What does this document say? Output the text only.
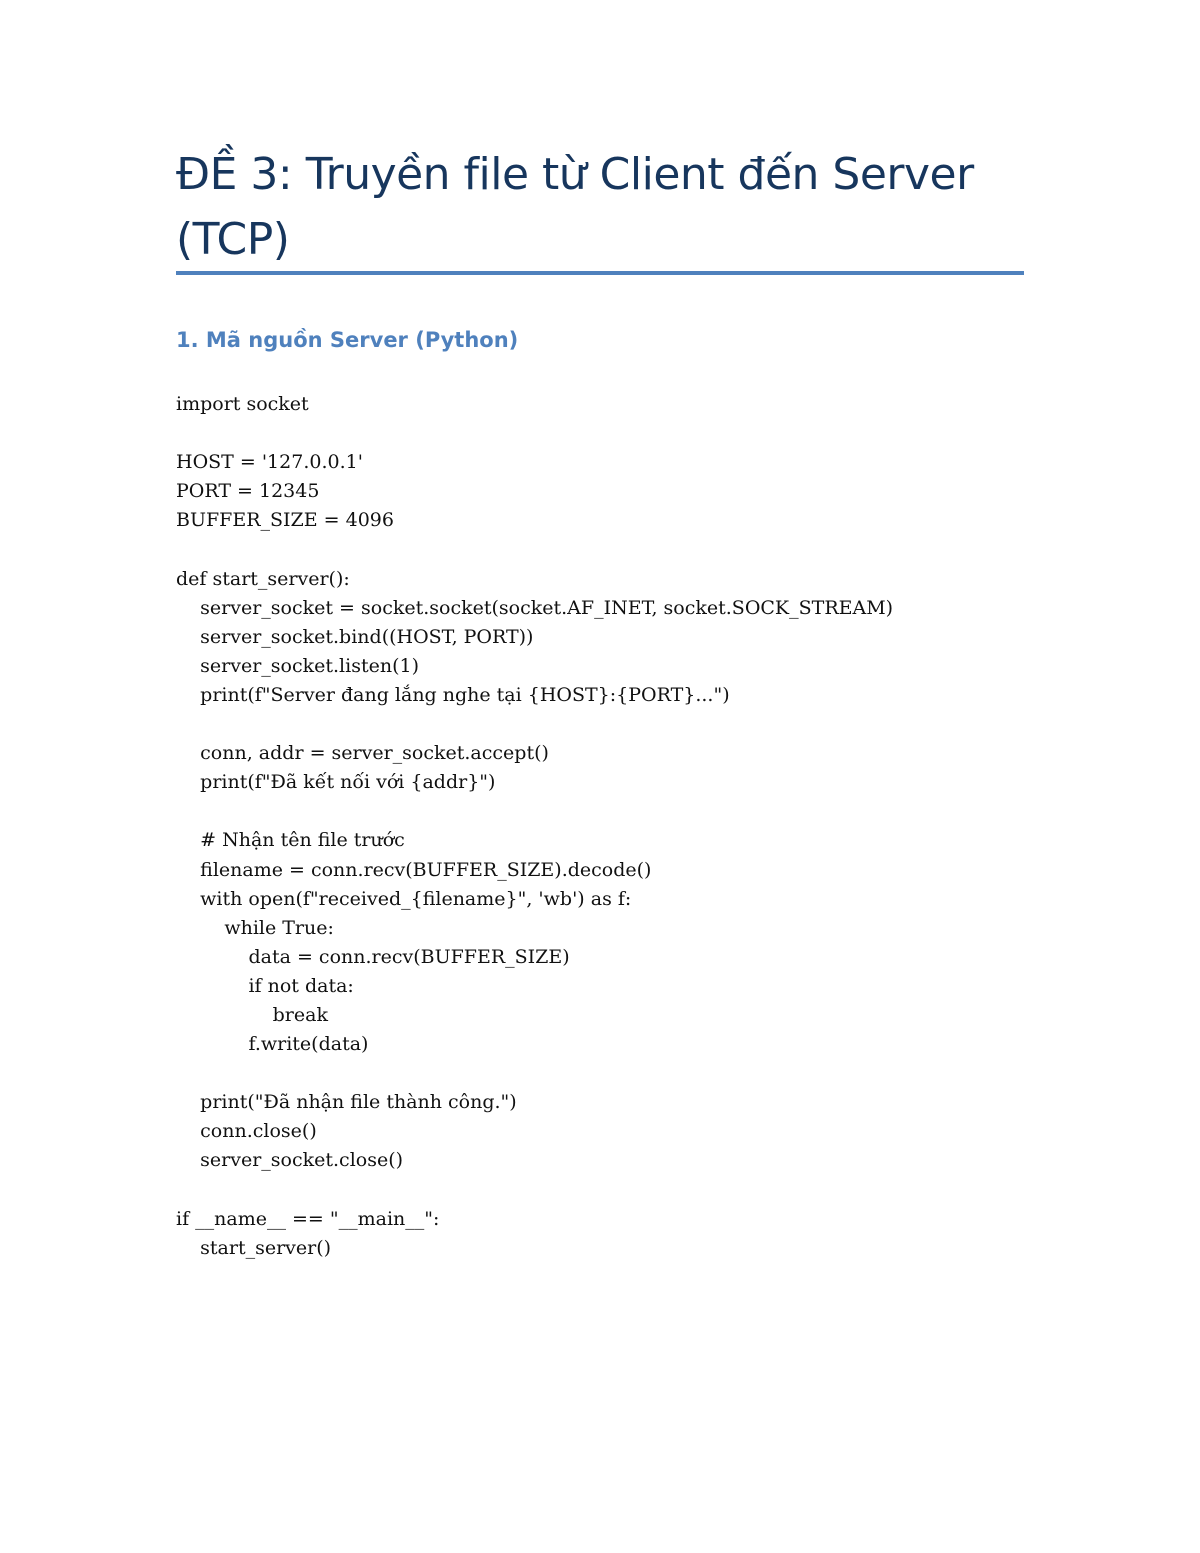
ĐỀ 3: Truyền file từ Client đến Server (TCP)
1. Mã nguồn Server (Python)
import socket
HOST = '127.0.0.1'
PORT = 12345
BUFFER_SIZE = 4096
def start_server():
server_socket = socket.socket(socket.AF_INET, socket.SOCK_STREAM)
server_socket.bind((HOST, PORT))
server_socket.listen(1)
print(f"Server đang lắng nghe tại {HOST}:{PORT}...")
conn, addr = server_socket.accept()
print(f"Đã kết nối với {addr}")
# Nhận tên file trước
filename = conn.recv(BUFFER_SIZE).decode()
with open(f"received_{filename}", 'wb') as f:
while True:
data = conn.recv(BUFFER_SIZE)
if not data:
break
f.write(data)
print("Đã nhận file thành công.")
conn.close()
server_socket.close()
if __name__ == "__main__":
start_server()
